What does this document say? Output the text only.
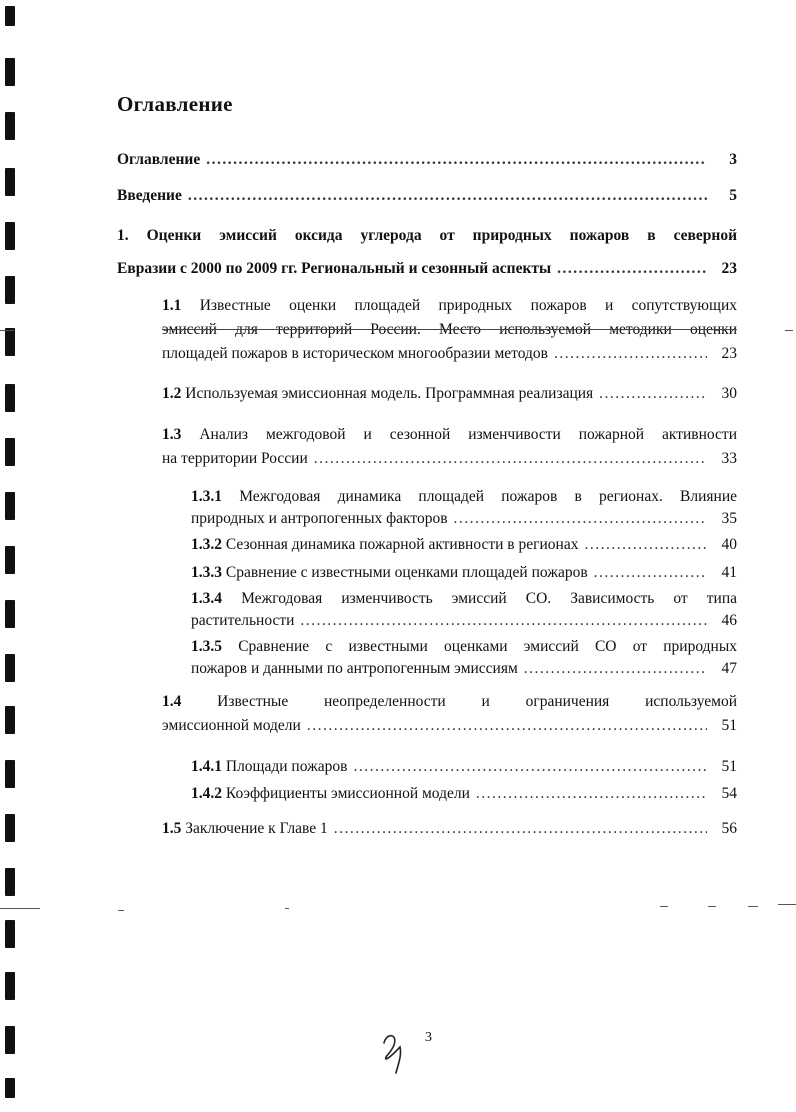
Оглавление
Оглавление .....	3
Введение .....	5
1. Оценки эмиссий оксида углерода от природных пожаров в северной
Евразии с 2000 по 2009 гг. Региональный и сезонный аспекты .....	23
1.1 Известные оценки площадей природных пожаров и сопутствующих
эмиссий для территорий России. Место используемой методики оценки
площадей пожаров в историческом многообразии методов .....	23
1.2 Используемая эмиссионная модель. Программная реализация .....	30
1.3 Анализ межгодовой и сезонной изменчивости пожарной активности
на территории России .....	33
1.3.1 Межгодовая динамика площадей пожаров в регионах. Влияние
природных и антропогенных факторов .....	35
1.3.2 Сезонная динамика пожарной активности в регионах .....	40
1.3.3 Сравнение с известными оценками площадей пожаров .....	41
1.3.4 Межгодовая изменчивость эмиссий СО. Зависимость от типа
растительности .....	46
1.3.5 Сравнение с известными оценками эмиссий СО от природных
пожаров и данными по антропогенным эмиссиям .....	47
1.4 Известные неопределенности и ограничения используемой
эмиссионной модели .....	51
1.4.1 Площади пожаров .....	51
1.4.2 Коэффициенты эмиссионной модели .....	54
1.5 Заключение к Главе 1 .....	56
3
